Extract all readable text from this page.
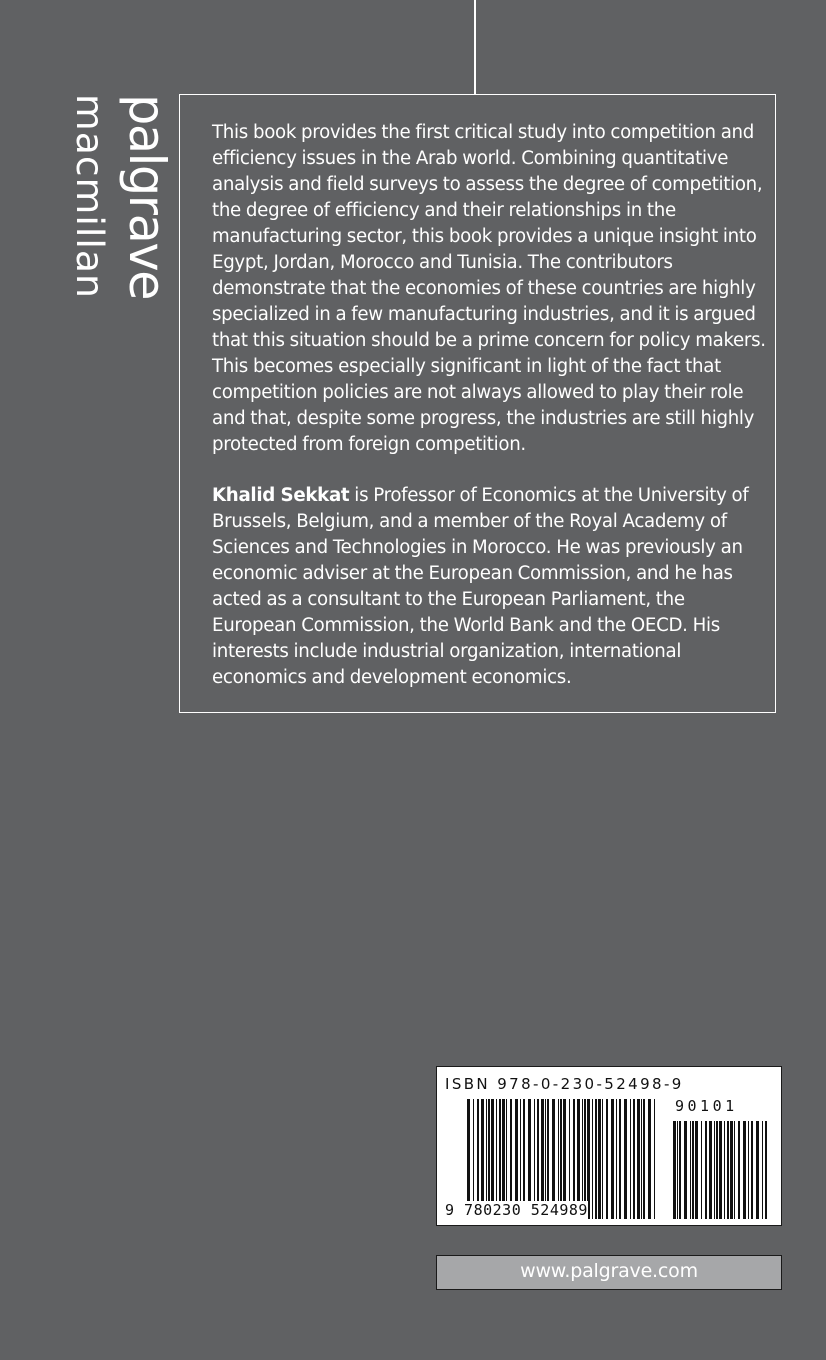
palgrave
macmillan	This book provides the first critical study into competition and efficiency issues in the Arab world. Combining quantitative analysis and field surveys to assess the degree of competition, the degree of efficiency and their relationships in the manufacturing sector, this book provides a unique insight into Egypt, Jordan, Morocco and Tunisia. The contributors demonstrate that the economies of these countries are highly specialized in a few manufacturing industries, and it is argued that this situation should be a prime concern for policy makers. This becomes especially significant in light of the fact that competition policies are not always allowed to play their role and that, despite some progress, the industries are still highly protected from foreign competition.

Khalid Sekkat is Professor of Economics at the University of Brussels, Belgium, and a member of the Royal Academy of Sciences and Technologies in Morocco. He was previously an economic adviser at the European Commission, and he has acted as a consultant to the European Parliament, the European Commission, the World Bank and the OECD. His interests include industrial organization, international economics and development economics.

ISBN 978-0-230-52498-9
90101
9 780230 524989
www.palgrave.com
